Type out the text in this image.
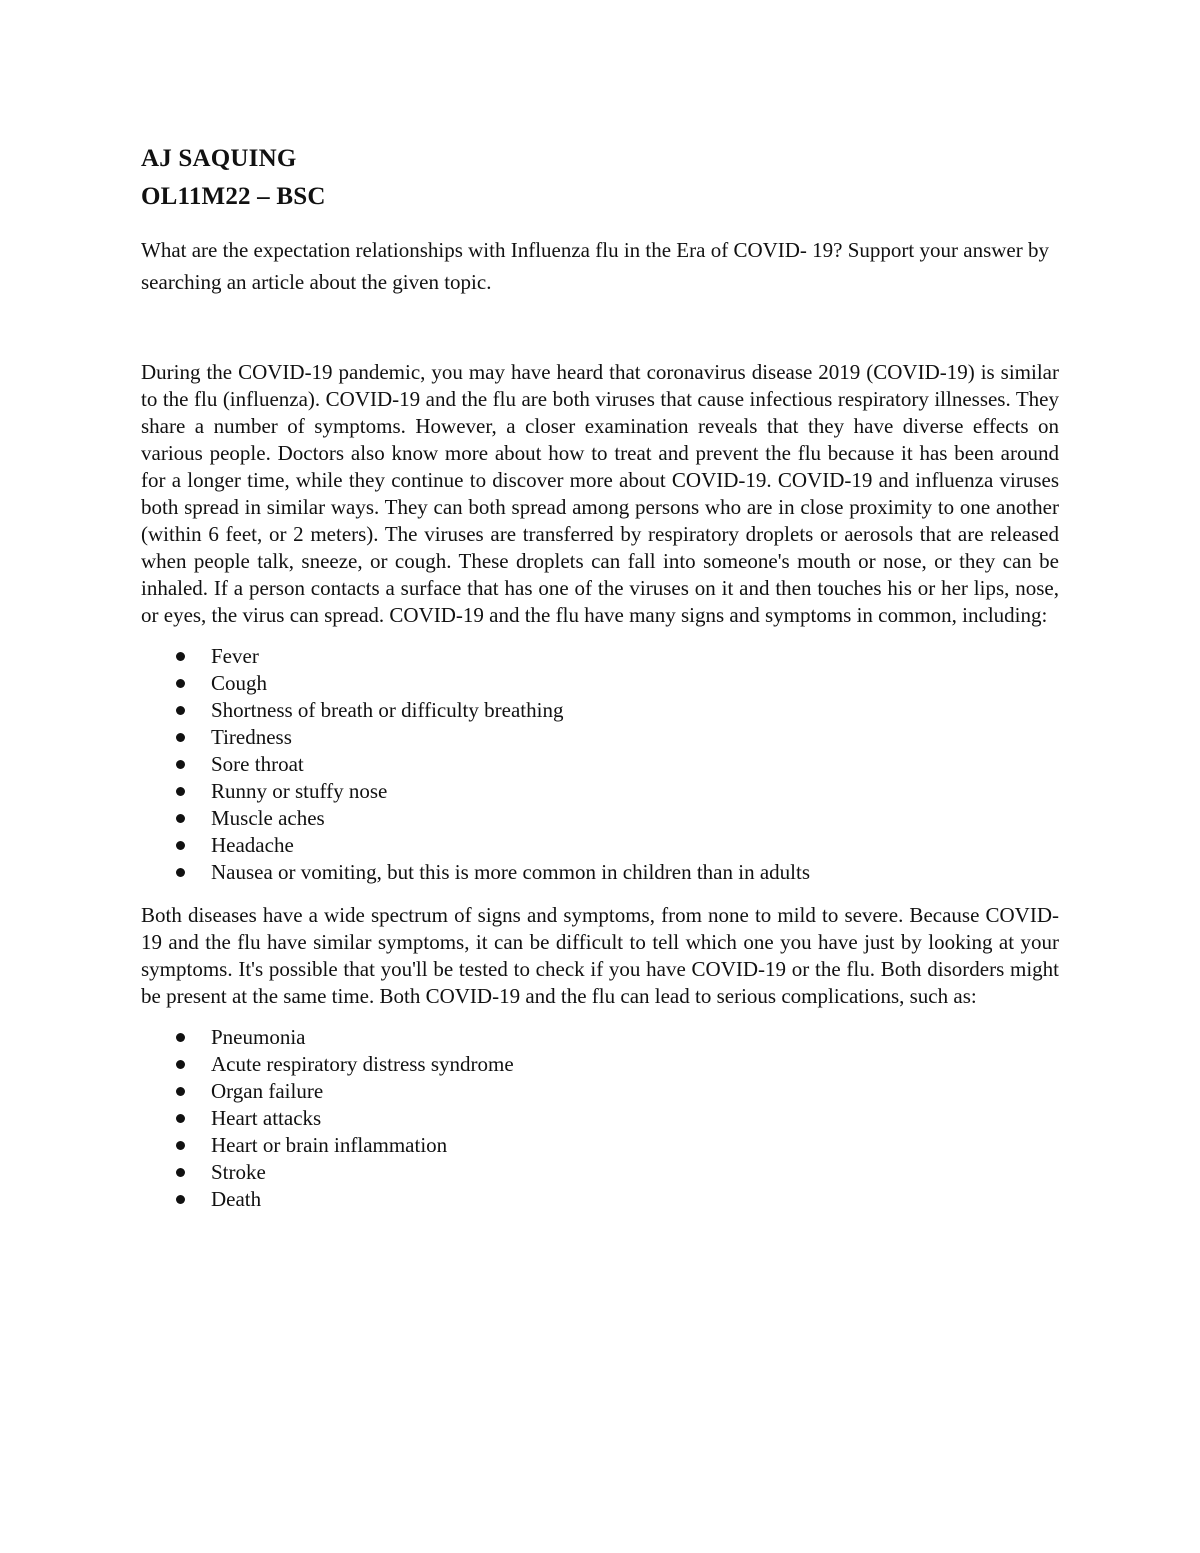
AJ SAQUING

OL11M22 – BSC

What are the expectation relationships with Influenza flu in the Era of COVID- 19? Support your answer by searching an article about the given topic.

During the COVID-19 pandemic, you may have heard that coronavirus disease 2019 (COVID-19) is similar to the flu (influenza). COVID-19 and the flu are both viruses that cause infectious respiratory illnesses. They share a number of symptoms. However, a closer examination reveals that they have diverse effects on various people. Doctors also know more about how to treat and prevent the flu because it has been around for a longer time, while they continue to discover more about COVID-19. COVID-19 and influenza viruses both spread in similar ways. They can both spread among persons who are in close proximity to one another (within 6 feet, or 2 meters). The viruses are transferred by respiratory droplets or aerosols that are released when people talk, sneeze, or cough. These droplets can fall into someone's mouth or nose, or they can be inhaled. If a person contacts a surface that has one of the viruses on it and then touches his or her lips, nose, or eyes, the virus can spread. COVID-19 and the flu have many signs and symptoms in common, including:

Fever
Cough
Shortness of breath or difficulty breathing
Tiredness
Sore throat
Runny or stuffy nose
Muscle aches
Headache
Nausea or vomiting, but this is more common in children than in adults

Both diseases have a wide spectrum of signs and symptoms, from none to mild to severe. Because COVID-19 and the flu have similar symptoms, it can be difficult to tell which one you have just by looking at your symptoms. It's possible that you'll be tested to check if you have COVID-19 or the flu. Both disorders might be present at the same time. Both COVID-19 and the flu can lead to serious complications, such as:

Pneumonia
Acute respiratory distress syndrome
Organ failure
Heart attacks
Heart or brain inflammation
Stroke
Death
